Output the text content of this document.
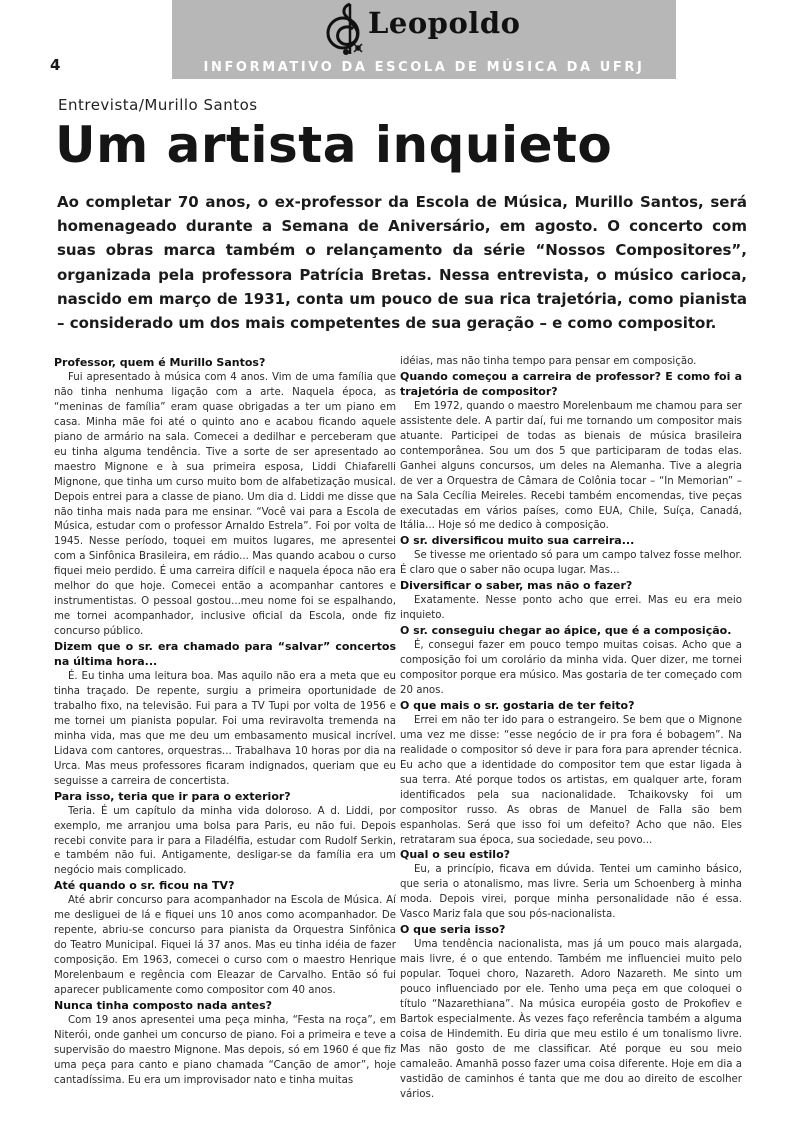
4
Leopoldo
INFORMATIVO DA ESCOLA DE MÚSICA DA UFRJ
Entrevista/Murillo Santos
Um artista inquieto

Ao completar 70 anos, o ex-professor da Escola de Música, Murillo Santos, será homenageado durante a Semana de Aniversário, em agosto. O concerto com suas obras marca também o relançamento da série “Nossos Compositores”, organizada pela professora Patrícia Bretas. Nessa entrevista, o músico carioca, nascido em março de 1931, conta um pouco de sua rica trajetória, como pianista – considerado um dos mais competentes de sua geração – e como compositor.

Professor, quem é Murillo Santos?

Fui apresentado à música com 4 anos. Vim de uma família que não tinha nenhuma ligação com a arte. Naquela época, as “meninas de família” eram quase obrigadas a ter um piano em casa. Minha mãe foi até o quinto ano e acabou ficando aquele piano de armário na sala. Comecei a dedilhar e perceberam que eu tinha alguma tendência. Tive a sorte de ser apresentado ao maestro Mignone e à sua primeira esposa, Liddi Chiafarelli Mignone, que tinha um curso muito bom de alfabetização musical. Depois entrei para a classe de piano. Um dia d. Liddi me disse que não tinha mais nada para me ensinar. “Você vai para a Escola de Música, estudar com o professor Arnaldo Estrela”. Foi por volta de 1945. Nesse período, toquei em muitos lugares, me apresentei com a Sinfônica Brasileira, em rádio... Mas quando acabou o curso fiquei meio perdido. É uma carreira difícil e naquela época não era melhor do que hoje. Comecei então a acompanhar cantores e instrumentistas. O pessoal gostou...meu nome foi se espalhando, me tornei acompanhador, inclusive oficial da Escola, onde fiz concurso público.

Dizem que o sr. era chamado para “salvar” concertos na última hora...

É. Eu tinha uma leitura boa. Mas aquilo não era a meta que eu tinha traçado. De repente, surgiu a primeira oportunidade de trabalho fixo, na televisão. Fui para a TV Tupi por volta de 1956 e me tornei um pianista popular. Foi uma reviravolta tremenda na minha vida, mas que me deu um embasamento musical incrível. Lidava com cantores, orquestras... Trabalhava 10 horas por dia na Urca. Mas meus professores ficaram indignados, queriam que eu seguisse a carreira de concertista.

Para isso, teria que ir para o exterior?

Teria. É um capítulo da minha vida doloroso. A d. Liddi, por exemplo, me arranjou uma bolsa para Paris, eu não fui. Depois recebi convite para ir para a Filadélfia, estudar com Rudolf Serkin, e também não fui. Antigamente, desligar-se da família era um negócio mais complicado.

Até quando o sr. ficou na TV?

Até abrir concurso para acompanhador na Escola de Música. Aí me desliguei de lá e fiquei uns 10 anos como acompanhador. De repente, abriu-se concurso para pianista da Orquestra Sinfônica do Teatro Municipal. Fiquei lá 37 anos. Mas eu tinha idéia de fazer composição. Em 1963, comecei o curso com o maestro Henrique Morelenbaum e regência com Eleazar de Carvalho. Então só fui aparecer publicamente como compositor com 40 anos.

Nunca tinha composto nada antes?

Com 19 anos apresentei uma peça minha, “Festa na roça”, em Niterói, onde ganhei um concurso de piano. Foi a primeira e teve a supervisão do maestro Mignone. Mas depois, só em 1960 é que fiz uma peça para canto e piano chamada “Canção de amor”, hoje cantadíssima. Eu era um improvisador nato e tinha muitas

idéias, mas não tinha tempo para pensar em composição.

Quando começou a carreira de professor? E como foi a trajetória de compositor?

Em 1972, quando o maestro Morelenbaum me chamou para ser assistente dele. A partir daí, fui me tornando um compositor mais atuante. Participei de todas as bienais de música brasileira contemporânea. Sou um dos 5 que participaram de todas elas. Ganhei alguns concursos, um deles na Alemanha. Tive a alegria de ver a Orquestra de Câmara de Colônia tocar – “In Memorian” – na Sala Cecília Meireles. Recebi também encomendas, tive peças executadas em vários países, como EUA, Chile, Suíça, Canadá, Itália... Hoje só me dedico à composição.

O sr. diversificou muito sua carreira...

Se tivesse me orientado só para um campo talvez fosse melhor. É claro que o saber não ocupa lugar. Mas...

Diversificar o saber, mas não o fazer?

Exatamente. Nesse ponto acho que errei. Mas eu era meio inquieto.

O sr. conseguiu chegar ao ápice, que é a composição.

É, consegui fazer em pouco tempo muitas coisas. Acho que a composição foi um corolário da minha vida. Quer dizer, me tornei compositor porque era músico. Mas gostaria de ter começado com 20 anos.

O que mais o sr. gostaria de ter feito?

Errei em não ter ido para o estrangeiro. Se bem que o Mignone uma vez me disse: “esse negócio de ir pra fora é bobagem”. Na realidade o compositor só deve ir para fora para aprender técnica. Eu acho que a identidade do compositor tem que estar ligada à sua terra. Até porque todos os artistas, em qualquer arte, foram identificados pela sua nacionalidade. Tchaikovsky foi um compositor russo. As obras de Manuel de Falla são bem espanholas. Será que isso foi um defeito? Acho que não. Eles retrataram sua época, sua sociedade, seu povo...

Qual o seu estilo?

Eu, a princípio, ficava em dúvida. Tentei um caminho básico, que seria o atonalismo, mas livre. Seria um Schoenberg à minha moda. Depois virei, porque minha personalidade não é essa. Vasco Mariz fala que sou pós-nacionalista.

O que seria isso?

Uma tendência nacionalista, mas já um pouco mais alargada, mais livre, é o que entendo. Também me influenciei muito pelo popular. Toquei choro, Nazareth. Adoro Nazareth. Me sinto um pouco influenciado por ele. Tenho uma peça em que coloquei o título “Nazarethiana”. Na música européia gosto de Prokofiev e Bartok especialmente. Às vezes faço referência também a alguma coisa de Hindemith. Eu diria que meu estilo é um tonalismo livre. Mas não gosto de me classificar. Até porque eu sou meio camaleão. Amanhã posso fazer uma coisa diferente. Hoje em dia a vastidão de caminhos é tanta que me dou ao direito de escolher vários.
